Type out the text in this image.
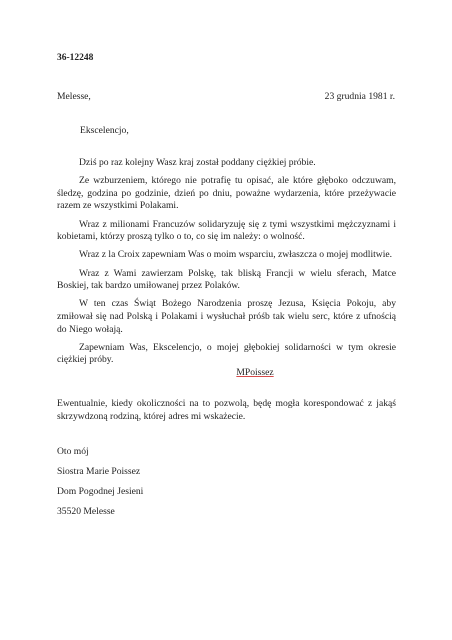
36-12248
Melesse,	23 grudnia 1981 r.
Ekscelencjo,

Dziś po raz kolejny Wasz kraj został poddany ciężkiej próbie.

Ze wzburzeniem, którego nie potrafię tu opisać, ale które głęboko odczuwam, śledzę, godzina po godzinie, dzień po dniu, poważne wydarzenia, które przeżywacie razem ze wszystkimi Polakami.

Wraz z milionami Francuzów solidaryzuję się z tymi wszystkimi mężczyznami i kobietami, którzy proszą tylko o to, co się im należy: o wolność.

Wraz z la Croix zapewniam Was o moim wsparciu, zwłaszcza o mojej modlitwie.

Wraz z Wami zawierzam Polskę, tak bliską Francji w wielu sferach, Matce Boskiej, tak bardzo umiłowanej przez Polaków.

W ten czas Świąt Bożego Narodzenia proszę Jezusa, Księcia Pokoju, aby zmiłował się nad Polską i Polakami i wysłuchał próśb tak wielu serc, które z ufnością do Niego wołają.

Zapewniam Was, Ekscelencjo, o mojej głębokiej solidarności w tym okresie ciężkiej próby.

MPoissez
Ewentualnie, kiedy okoliczności na to pozwolą, będę mogła korespondować z jakąś skrzywdzoną rodziną, której adres mi wskażecie.
Oto mój
Siostra Marie Poissez
Dom Pogodnej Jesieni
35520 Melesse
